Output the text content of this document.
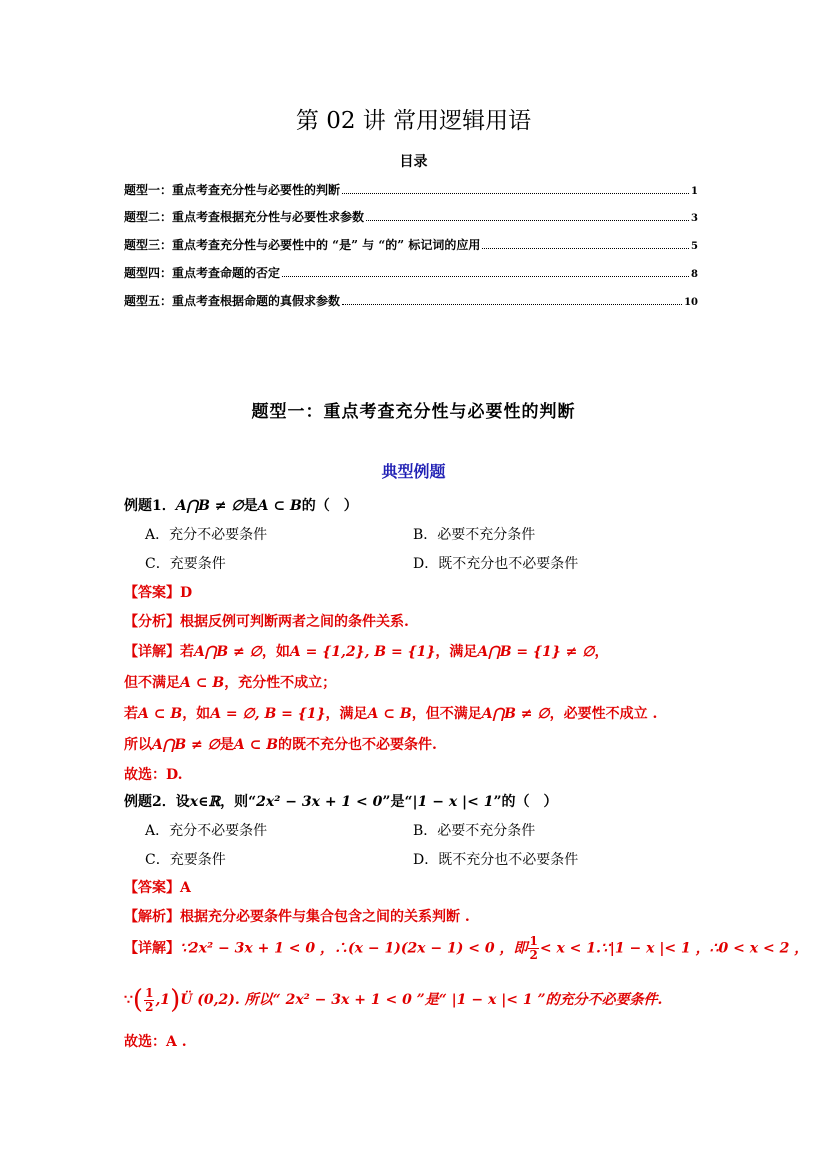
第 02 讲 常用逻辑用语
目录
题型一：重点考查充分性与必要性的判断	1
题型二：重点考查根据充分性与必要性求参数	3
题型三：重点考查充分性与必要性中的 “是” 与 “的” 标记词的应用	5
题型四：重点考查命题的否定	8
题型五：重点考查根据命题的真假求参数	10
题型一：重点考查充分性与必要性的判断
典型例题
例题1．A⋂B ≠ ∅是A ⊂ B的（　）
A．充分不必要条件	B．必要不充分条件
C．充要条件	D．既不充分也不必要条件
【答案】D
【分析】根据反例可判断两者之间的条件关系.
【详解】若A⋂B ≠ ∅，如A = {1,2}, B = {1}，满足A⋂B = {1} ≠ ∅，
但不满足A ⊂ B，充分性不成立；
若A ⊂ B，如A = ∅, B = {1}，满足A ⊂ B，但不满足A⋂B ≠ ∅，必要性不成立 .
所以A⋂B ≠ ∅是A ⊂ B的既不充分也不必要条件.
故选：D.
例题2．设x∈ℝ，则“2x² − 3x + 1 < 0”是“|1 − x |< 1”的（　）
A．充分不必要条件	B．必要不充分条件
C．充要条件	D．既不充分也不必要条件
【答案】A
【解析】根据充分必要条件与集合包含之间的关系判断 .
【详解】∵2x² − 3x + 1 < 0 ，∴(x − 1)(2x − 1) < 0 ，即 $\frac{1}{2} < x$ < 1.∵|1 − x |< 1 ，∴0 < x < 2 ，
∵( $\frac{1}{2}$ ,1)Ü (0,2). 所以“ 2x² − 3x + 1 < 0 ”是“ |1 − x |< 1 ”的充分不必要条件.
故选：A .
